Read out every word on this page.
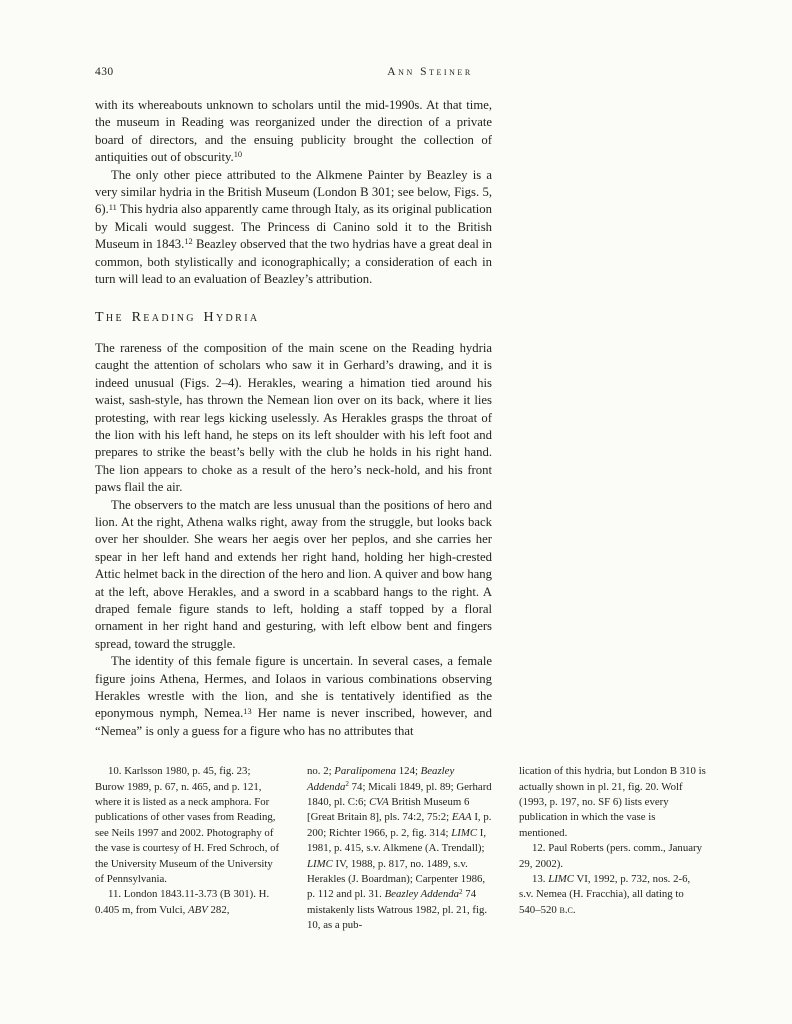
430	Ann Steiner

with its whereabouts unknown to scholars until the mid-1990s. At that time, the museum in Reading was reorganized under the direction of a private board of directors, and the ensuing publicity brought the collection of antiquities out of obscurity.$^{10}$

The only other piece attributed to the Alkmene Painter by Beazley is a very similar hydria in the British Museum (London B 301; see below, Figs. 5, 6).$^{11}$ This hydria also apparently came through Italy, as its original publication by Micali would suggest. The Princess di Canino sold it to the British Museum in 1843.12 Beazley observed that the two hydrias have a great deal in common, both stylistically and iconographically; a consideration of each in turn will lead to an evaluation of Beazley’s attribution.

The Reading Hydria

The rareness of the composition of the main scene on the Reading hydria caught the attention of scholars who saw it in Gerhard’s drawing, and it is indeed unusual (Figs. 2–4). Herakles, wearing a himation tied around his waist, sash-style, has thrown the Nemean lion over on its back, where it lies protesting, with rear legs kicking uselessly. As Herakles grasps the throat of the lion with his left hand, he steps on its left shoulder with his left foot and prepares to strike the beast’s belly with the club he holds in his right hand. The lion appears to choke as a result of the hero’s neck-hold, and his front paws flail the air.

The observers to the match are less unusual than the positions of hero and lion. At the right, Athena walks right, away from the struggle, but looks back over her shoulder. She wears her aegis over her peplos, and she carries her spear in her left hand and extends her right hand, holding her high-crested Attic helmet back in the direction of the hero and lion. A quiver and bow hang at the left, above Herakles, and a sword in a scabbard hangs to the right. A draped female figure stands to left, holding a staff topped by a floral ornament in her right hand and gesturing, with left elbow bent and fingers spread, toward the struggle.

The identity of this female figure is uncertain. In several cases, a female figure joins Athena, Hermes, and Iolaos in various combinations observing Herakles wrestle with the lion, and she is tentatively identified as the eponymous nymph, Nemea.$^{13}$ Her name is never inscribed, however, and “Nemea” is only a guess for a figure who has no attributes that

10. Karlsson 1980, p. 45, fig. 23; Burow 1989, p. 67, n. 465, and p. 121, where it is listed as a neck amphora. For publications of other vases from Reading, see Neils 1997 and 2002. Photography of the vase is courtesy of H. Fred Schroch, of the University Museum of the University of Pennsylvania.

11. London 1843.11-3.73 (B 301). H. 0.405 m, from Vulci, ABV 282,

no. 2; Paralipomena 124; Beazley Addenda$^2$ 74; Micali 1849, pl. 89; Gerhard 1840, pl. C:6; CVA British Museum 6 [Great Britain 8], pls. 74:2, 75:2; EAA I, p. 200; Richter 1966, p. 2, fig. 314; LIMC I, 1981, p. 415, s.v. Alkmene (A. Trendall); LIMC IV, 1988, p. 817, no. 1489, s.v. Herakles (J. Boardman); Carpenter 1986, p. 112 and pl. 31. Beazley Addenda$^2$ 74 mistakenly lists Watrous 1982, pl. 21, fig. 10, as a pub-

lication of this hydria, but London B 310 is actually shown in pl. 21, fig. 20. Wolf (1993, p. 197, no. SF 6) lists every publication in which the vase is mentioned.

12. Paul Roberts (pers. comm., January 29, 2002).

13. LIMC VI, 1992, p. 732, nos. 2-6, s.v. Nemea (H. Fracchia), all dating to 540–520 b.c.
